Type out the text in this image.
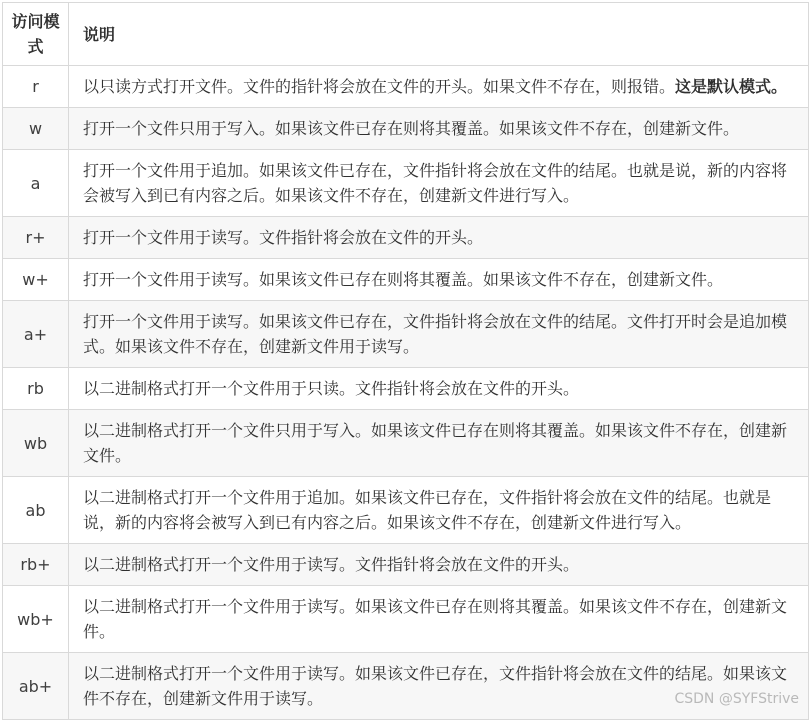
访问模式	说明
r	以只读方式打开文件。文件的指针将会放在文件的开头。如果文件不存在，则报错。这是默认模式。
w	打开一个文件只用于写入。如果该文件已存在则将其覆盖。如果该文件不存在，创建新文件。
a	打开一个文件用于追加。如果该文件已存在，文件指针将会放在文件的结尾。也就是说，新的内容将会被写入到已有内容之后。如果该文件不存在，创建新文件进行写入。
r+	打开一个文件用于读写。文件指针将会放在文件的开头。
w+	打开一个文件用于读写。如果该文件已存在则将其覆盖。如果该文件不存在，创建新文件。
a+	打开一个文件用于读写。如果该文件已存在，文件指针将会放在文件的结尾。文件打开时会是追加模式。如果该文件不存在，创建新文件用于读写。
rb	以二进制格式打开一个文件用于只读。文件指针将会放在文件的开头。
wb	以二进制格式打开一个文件只用于写入。如果该文件已存在则将其覆盖。如果该文件不存在，创建新文件。
ab	以二进制格式打开一个文件用于追加。如果该文件已存在，文件指针将会放在文件的结尾。也就是说，新的内容将会被写入到已有内容之后。如果该文件不存在，创建新文件进行写入。
rb+	以二进制格式打开一个文件用于读写。文件指针将会放在文件的开头。
wb+	以二进制格式打开一个文件用于读写。如果该文件已存在则将其覆盖。如果该文件不存在，创建新文件。
ab+	以二进制格式打开一个文件用于读写。如果该文件已存在，文件指针将会放在文件的结尾。如果该文件不存在，创建新文件用于读写。	CSDN @SYFStrive
